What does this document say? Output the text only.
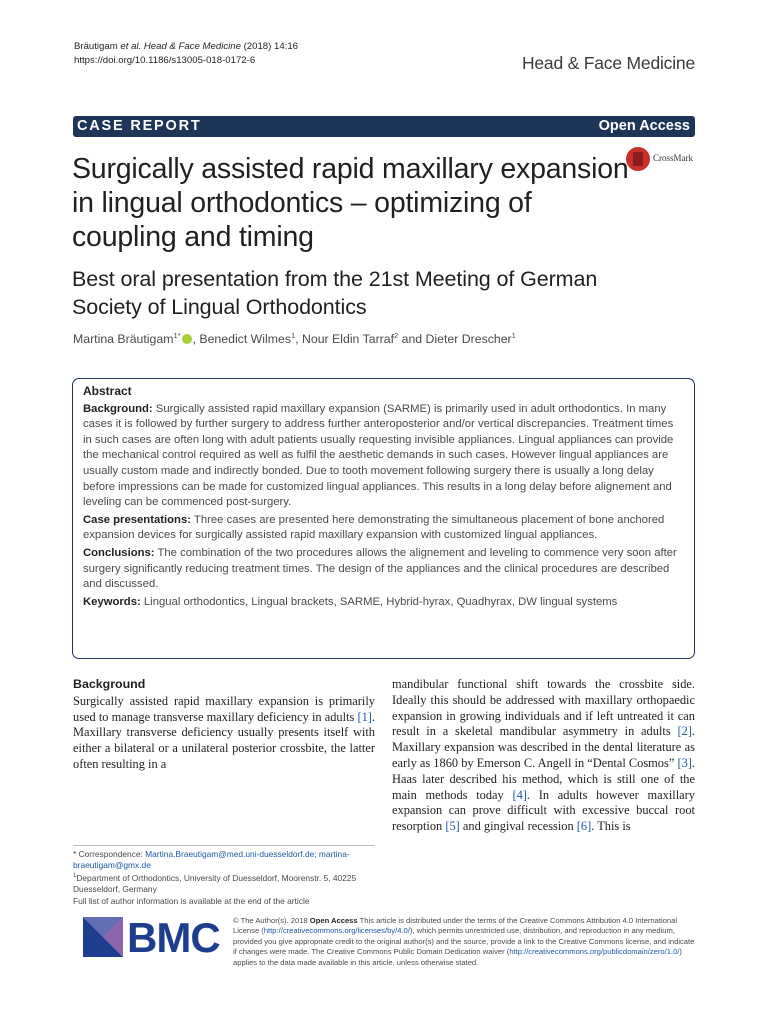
Bräutigam et al. Head & Face Medicine (2018) 14:16
https://doi.org/10.1186/s13005-018-0172-6	Head & Face Medicine
CASE REPORT	Open Access
CrossMark
Surgically assisted rapid maxillary expansion in lingual orthodontics – optimizing of coupling and timing
Best oral presentation from the 21st Meeting of German Society of Lingual Orthodontics
Martina Bräutigam$^{1*}$ , Benedict Wilmes$^1$, Nour Eldin Tarraf$^2$ and Dieter Drescher$^1$
Abstract

Background: Surgically assisted rapid maxillary expansion (SARME) is primarily used in adult orthodontics. In many cases it is followed by further surgery to address further anteroposterior and/or vertical discrepancies. Treatment times in such cases are often long with adult patients usually requesting invisible appliances. Lingual appliances can provide the mechanical control required as well as fulfil the aesthetic demands in such cases. However lingual appliances are usually custom made and indirectly bonded. Due to tooth movement following surgery there is usually a long delay before impressions can be made for customized lingual appliances. This results in a long delay before alignement and leveling can be commenced post-surgery.

Case presentations: Three cases are presented here demonstrating the simultaneous placement of bone anchored expansion devices for surgically assisted rapid maxillary expansion with customized lingual appliances.

Conclusions: The combination of the two procedures allows the alignement and leveling to commence very soon after surgery significantly reducing treatment times. The design of the appliances and the clinical procedures are described and discussed.

Keywords: Lingual orthodontics, Lingual brackets, SARME, Hybrid-hyrax, Quadhyrax, DW lingual systems

Background
Surgically assisted rapid maxillary expansion is primarily used to manage transverse maxillary deficiency in adults [1]. Maxillary transverse deficiency usually presents itself with either a bilateral or a unilateral posterior crossbite, the latter often resulting in a
mandibular functional shift towards the crossbite side. Ideally this should be addressed with maxillary orthopaedic expansion in growing individuals and if left untreated it can result in a skeletal mandibular asymmetry in adults [2]. Maxillary expansion was described in the dental literature as early as 1860 by Emerson C. Angell in “Dental Cosmos” [3]. Haas later described his method, which is still one of the main methods today [4]. In adults however maxillary expansion can prove difficult with excessive buccal root resorption [5] and gingival recession [6]. This is
* Correspondence: Martina.Braeutigam@med.uni-duesseldorf.de; martina-braeutigam@gmx.de
$^1$Department of Orthodontics, University of Duesseldorf, Moorenstr. 5, 40225 Duesseldorf, Germany
Full list of author information is available at the end of the article
BMC © The Author(s). 2018 Open Access This article is distributed under the terms of the Creative Commons Attribution 4.0 International License (http://creativecommons.org/licenses/by/4.0/), which permits unrestricted use, distribution, and reproduction in any medium, provided you give appropriate credit to the original author(s) and the source, provide a link to the Creative Commons license, and indicate if changes were made. The Creative Commons Public Domain Dedication waiver (http://creativecommons.org/publicdomain/zero/1.0/) applies to the data made available in this article, unless otherwise stated.
